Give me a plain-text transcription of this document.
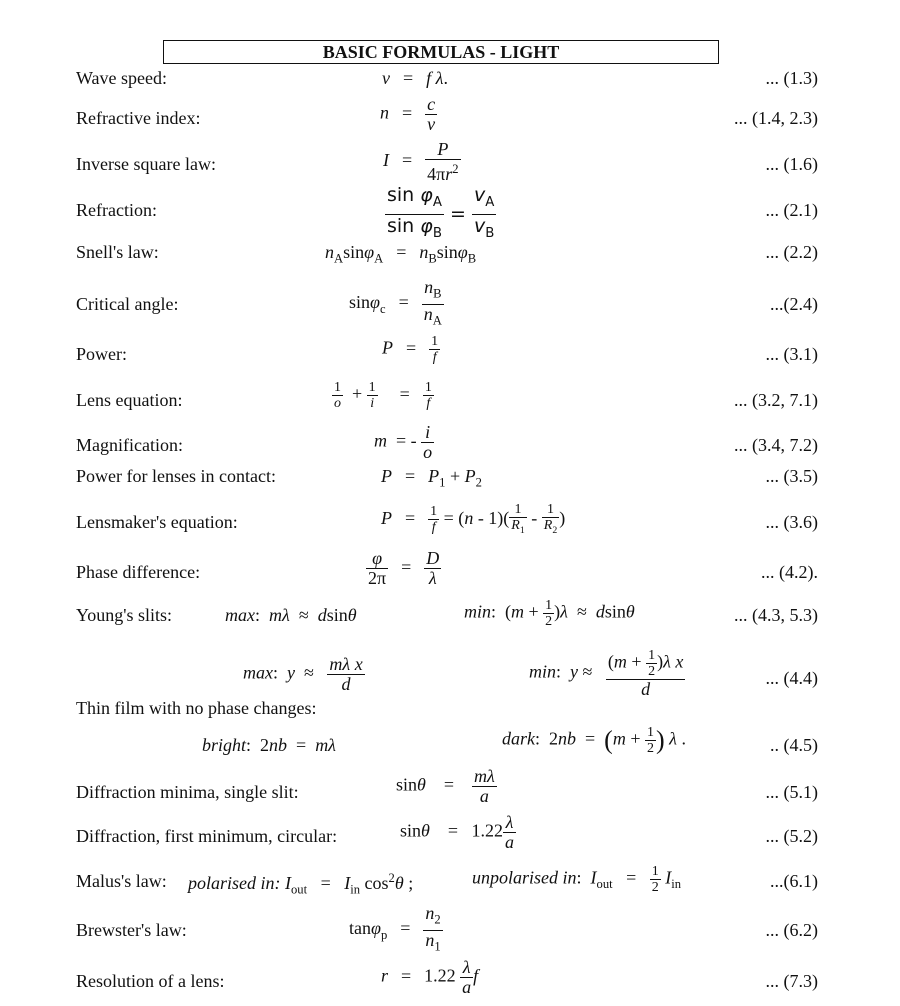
BASIC FORMULAS - LIGHT
Wave speed:	v = f λ.	... (1.3)
Refractive index:	$n = \frac{c}{v}$	... (1.4, 2.3)
Inverse square law:	$I = \frac{P}{4\pi r^2}$	... (1.6)
Refraction:	$\frac{\sin \varphi_A}{\sin \varphi_B} = \frac{v_A}{v_B}$	... (2.1)
Snell's law:	$n_A\sin\varphi_A = n_B\sin\varphi_B$	... (2.2)
Critical angle:	$\sin\varphi_c = \frac{n_B}{n_A}$	...(2.4)
Power:	$P = \frac{1}{f}$	... (3.1)
Lens equation:	$\frac{1}{o} + \frac{1}{i} = \frac{1}{f}$	... (3.2, 7.1)
Magnification:	m  = - $\frac{i}{o}$	... (3.4, 7.2)
Power for lenses in contact:	$P = P_1 + P_2$	... (3.5)
Lensmaker's equation:	$P = \frac{1}{f} = (n - 1)( \frac{1}{R_1} - \frac{1}{R_2}$ )	... (3.6)
Phase difference:	$\frac{\varphi}{2\pi} = \frac{D}{\lambda}$	... (4.2).
Young's slits:	max:  mλ  ≈  dsinθ	min:  $(m + \frac{1}{2} )\lambda \approx dsin\theta$	... (4.3, 5.3)
max:  $y \approx \frac{\text{mλ x}}{d}$	min:  $y \approx \frac{(m + \frac{1}{2} )\lambda x}{d}$	... (4.4)
Thin film with no phase changes:
bright:  2nb  =  mλ	dark:  $2nb = (m + \frac{1}{2}$ ) λ .	.. (4.5)
Diffraction minima, single slit:	sinθ    = $\frac{m\lambda}{a}$	... (5.1)
Diffraction, first minimum, circular:	sinθ    =   $1.22 \frac{\lambda}{a}$	... (5.2)
Malus's law: polarised in: $I_{out} = I_{in}$ $\cos^2\theta$ ;	unpolarised in:  $I_{out} = \frac{1}{2} I_{in}$	...(6.1)
Brewster's law:	$\tan\varphi_p = \frac{n_2}{n_1}$	... (6.2)
Resolution of a lens:	$r = 1.22 \frac{\lambda}{a}$ f	... (7.3)
